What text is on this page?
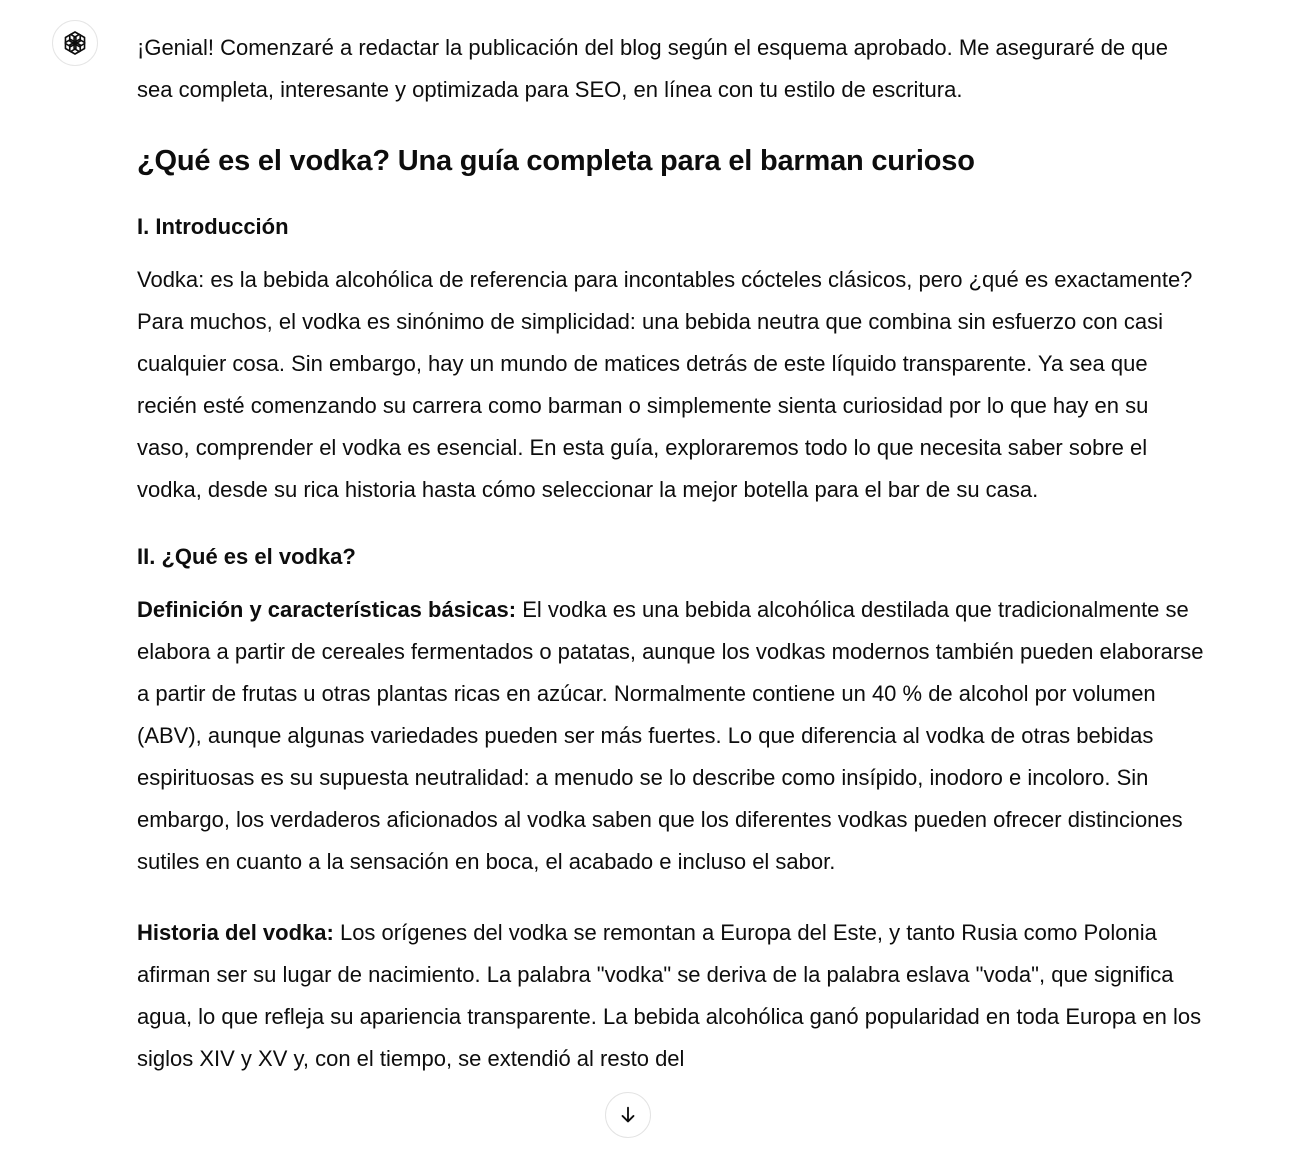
¡Genial! Comenzaré a redactar la publicación del blog según el esquema aprobado. Me aseguraré de que sea completa, interesante y optimizada para SEO, en línea con tu estilo de escritura.

¿Qué es el vodka? Una guía completa para el barman curioso
I. Introducción

Vodka: es la bebida alcohólica de referencia para incontables cócteles clásicos, pero ¿qué es exactamente? Para muchos, el vodka es sinónimo de simplicidad: una bebida neutra que combina sin esfuerzo con casi cualquier cosa. Sin embargo, hay un mundo de matices detrás de este líquido transparente. Ya sea que recién esté comenzando su carrera como barman o simplemente sienta curiosidad por lo que hay en su vaso, comprender el vodka es esencial. En esta guía, exploraremos todo lo que necesita saber sobre el vodka, desde su rica historia hasta cómo seleccionar la mejor botella para el bar de su casa.

II. ¿Qué es el vodka?

Definición y características básicas: El vodka es una bebida alcohólica destilada que tradicionalmente se elabora a partir de cereales fermentados o patatas, aunque los vodkas modernos también pueden elaborarse a partir de frutas u otras plantas ricas en azúcar. Normalmente contiene un 40 % de alcohol por volumen (ABV), aunque algunas variedades pueden ser más fuertes. Lo que diferencia al vodka de otras bebidas espirituosas es su supuesta neutralidad: a menudo se lo describe como insípido, inodoro e incoloro. Sin embargo, los verdaderos aficionados al vodka saben que los diferentes vodkas pueden ofrecer distinciones sutiles en cuanto a la sensación en boca, el acabado e incluso el sabor.

Historia del vodka: Los orígenes del vodka se remontan a Europa del Este, y tanto Rusia como Polonia afirman ser su lugar de nacimiento. La palabra "vodka" se deriva de la palabra eslava "voda", que significa agua, lo que refleja su apariencia transparente. La bebida alcohólica ganó popularidad en toda Europa en los siglos XIV y XV y, con el tiempo, se extendió al resto del
